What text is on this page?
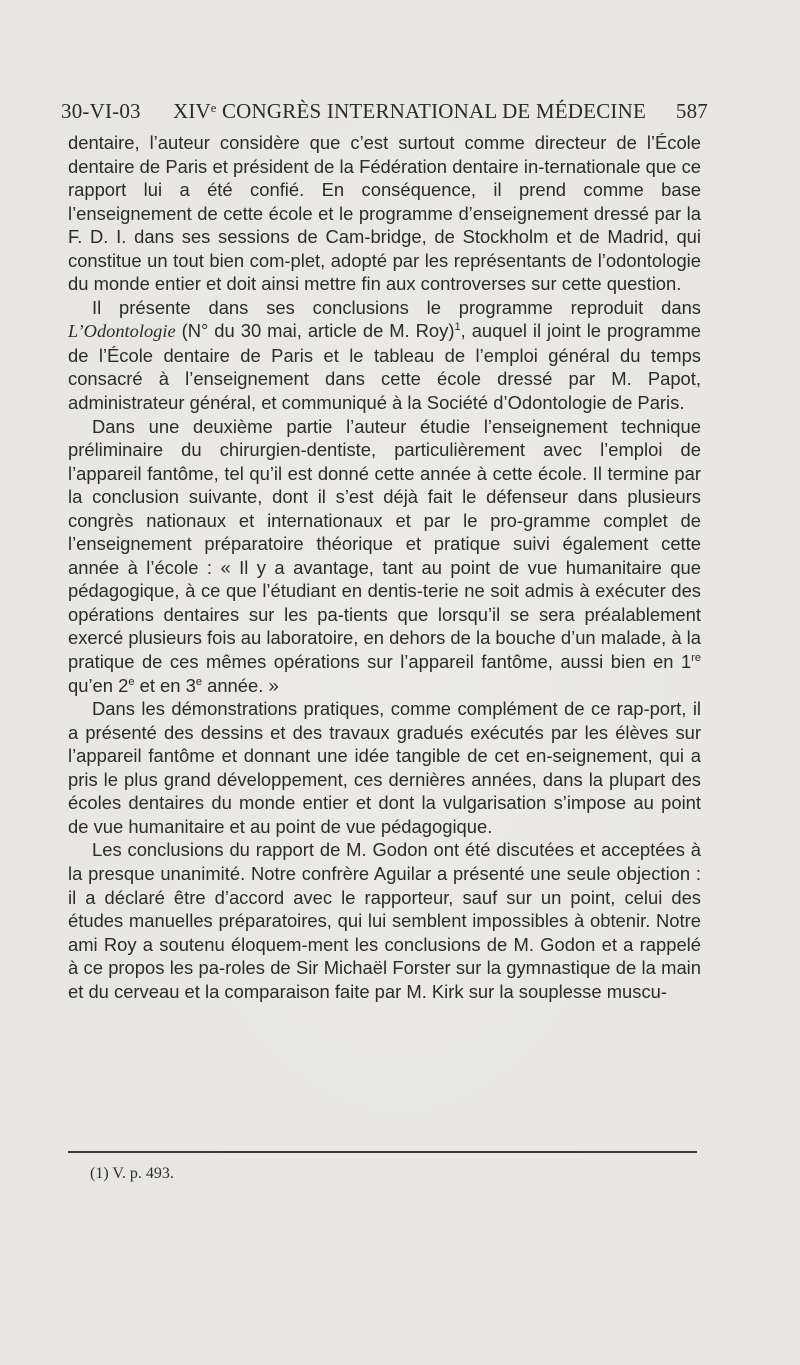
30-VI-03 XIVᵉ CONGRÈS INTERNATIONAL DE MÉDECINE 587

dentaire, l’auteur considère que c’est surtout comme directeur de l’École dentaire de Paris et président de la Fédération dentaire in-ternationale que ce rapport lui a été confié. En conséquence, il prend comme base l’enseignement de cette école et le programme d’enseignement dressé par la F. D. I. dans ses sessions de Cam-bridge, de Stockholm et de Madrid, qui constitue un tout bien com-plet, adopté par les représentants de l’odontologie du monde entier et doit ainsi mettre fin aux controverses sur cette question.

Il présente dans ses conclusions le programme reproduit dans L’Odontologie (N° du 30 mai, article de M. Roy)$^1$, auquel il joint le programme de l’École dentaire de Paris et le tableau de l’emploi général du temps consacré à l’enseignement dans cette école dressé par M. Papot, administrateur général, et communiqué à la Société d’Odontologie de Paris.

Dans une deuxième partie l’auteur étudie l’enseignement technique préliminaire du chirurgien-dentiste, particulièrement avec l’emploi de l’appareil fantôme, tel qu’il est donné cette année à cette école. Il termine par la conclusion suivante, dont il s’est déjà fait le défenseur dans plusieurs congrès nationaux et internationaux et par le pro-gramme complet de l’enseignement préparatoire théorique et pratique suivi également cette année à l’école : « Il y a avantage, tant au point de vue humanitaire que pédagogique, à ce que l’étudiant en dentis-terie ne soit admis à exécuter des opérations dentaires sur les pa-tients que lorsqu’il se sera préalablement exercé plusieurs fois au laboratoire, en dehors de la bouche d’un malade, à la pratique de ces mêmes opérations sur l’appareil fantôme, aussi bien en 1re qu’en 2e et en 3e année. »

Dans les démonstrations pratiques, comme complément de ce rap-port, il a présenté des dessins et des travaux gradués exécutés par les élèves sur l’appareil fantôme et donnant une idée tangible de cet en-seignement, qui a pris le plus grand développement, ces dernières années, dans la plupart des écoles dentaires du monde entier et dont la vulgarisation s’impose au point de vue humanitaire et au point de vue pédagogique.

Les conclusions du rapport de M. Godon ont été discutées et acceptées à la presque unanimité. Notre confrère Aguilar a présenté une seule objection : il a déclaré être d’accord avec le rapporteur, sauf sur un point, celui des études manuelles préparatoires, qui lui semblent impossibles à obtenir. Notre ami Roy a soutenu éloquem-ment les conclusions de M. Godon et a rappelé à ce propos les pa-roles de Sir Michaël Forster sur la gymnastique de la main et du cerveau et la comparaison faite par M. Kirk sur la souplesse muscu-

(1) V. p. 493.
